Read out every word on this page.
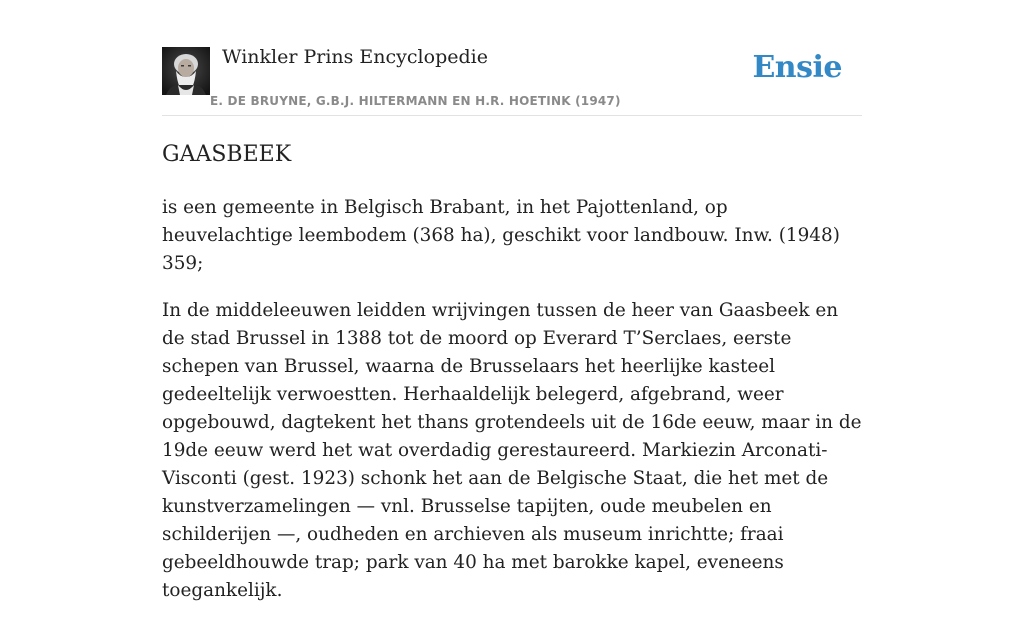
Winkler Prins Encyclopedie
E. DE BRUYNE, G.B.J. HILTERMANN EN H.R. HOETINK (1947)
Ensie
GAASBEEK

is een gemeente in Belgisch Brabant, in het Pajottenland, op heuvelachtige leembodem (368 ha), geschikt voor landbouw. Inw. (1948) 359;

In de middeleeuwen leidden wrijvingen tussen de heer van Gaasbeek en de stad Brussel in 1388 tot de moord op Everard T’Serclaes, eerste schepen van Brussel, waarna de Brusselaars het heerlijke kasteel gedeeltelijk verwoestten. Herhaaldelijk belegerd, afgebrand, weer opgebouwd, dagtekent het thans grotendeels uit de 16de eeuw, maar in de 19de eeuw werd het wat overdadig gerestaureerd. Markiezin Arconati-Visconti (gest. 1923) schonk het aan de Belgische Staat, die het met de kunstverzamelingen — vnl. Brusselse tapijten, oude meubelen en schilderijen —, oudheden en archieven als museum inrichtte; fraai gebeeldhouwde trap; park van 40 ha met barokke kapel, eveneens toegankelijk.
